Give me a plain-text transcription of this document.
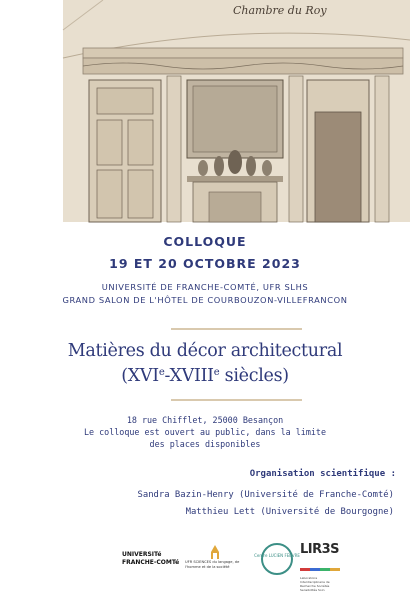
Chambre du Roy
COLLOQUE
19 ET 20 OCTOBRE 2023
UNIVERSITÉ DE FRANCHE-COMTÉ, UFR SLHS
GRAND SALON DE L'HÔTEL DE COURBOUZON-VILLEFRANCON
Matières du décor architectural
(XVIe-XVIIIe siècles)
18 rue Chifflet, 25000 Besançon
Le colloque est ouvert au public, dans la limite
des places disponibles
Organisation scientifique :
Sandra Bazin-Henry (Université de Franche-Comté)
Matthieu Lett (Université de Bourgogne)
UNIVERSITé
FRANCHE-COMTé UFR SCIENCES du langage, de l'homme et de la société
Centre LUCIEN FEBVRE LIR3S
Laboratoire Interdisciplinaire de Recherche Sociétés Sensibilités Soin
